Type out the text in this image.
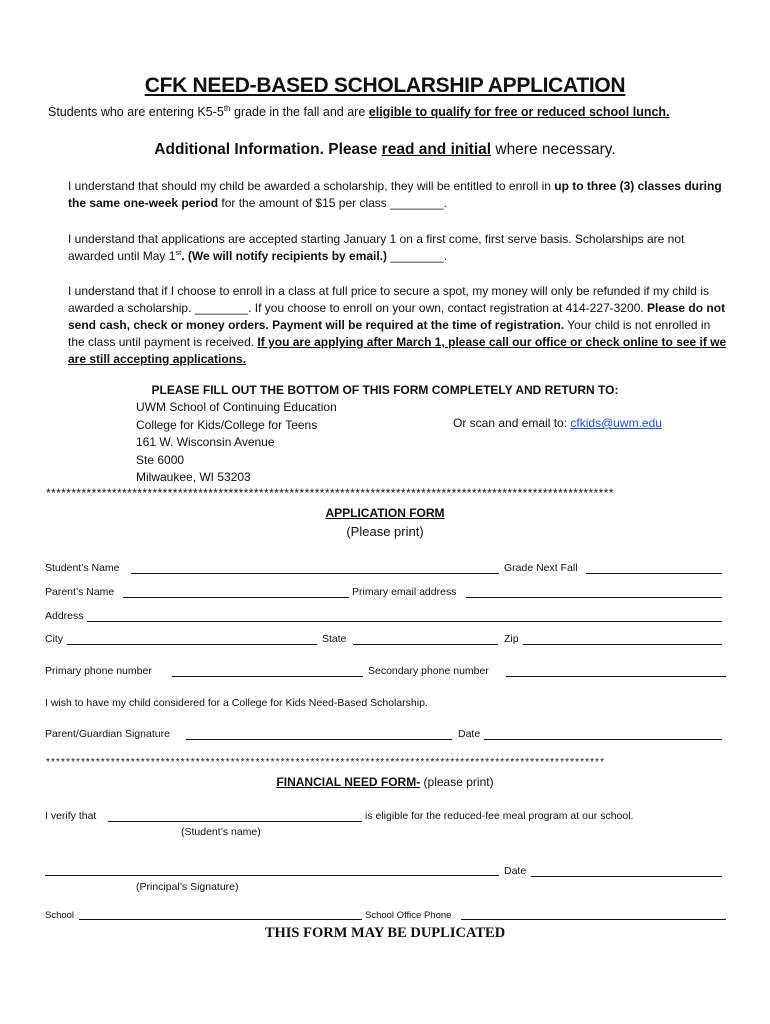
CFK NEED-BASED SCHOLARSHIP APPLICATION
Students who are entering K5-5th grade in the fall and are eligible to qualify for free or reduced school lunch.
Additional Information. Please read and initial where necessary.
I understand that should my child be awarded a scholarship, they will be entitled to enroll in up to three (3) classes during the same one-week period for the amount of $15 per class ________.
I understand that applications are accepted starting January 1 on a first come, first serve basis. Scholarships are not awarded until May 1st. (We will notify recipients by email.) ________.
I understand that if I choose to enroll in a class at full price to secure a spot, my money will only be refunded if my child is awarded a scholarship. ________. If you choose to enroll on your own, contact registration at 414-227-3200. Please do not send cash, check or money orders. Payment will be required at the time of registration. Your child is not enrolled in the class until payment is received. If you are applying after March 1, please call our office or check online to see if we are still accepting applications.
PLEASE FILL OUT THE BOTTOM OF THIS FORM COMPLETELY AND RETURN TO:
UWM School of Continuing Education
College for Kids/College for Teens
161 W. Wisconsin Avenue
Ste 6000
Milwaukee, WI 53203
Or scan and email to: cfkids@uwm.edu
****************************************************************************************************************
APPLICATION FORM
(Please print)
Student’s Name	Grade Next Fall
Parent’s Name	Primary email address
Address
City	State	Zip
Primary phone number	Secondary phone number
I wish to have my child considered for a College for Kids Need-Based Scholarship.
Parent/Guardian Signature	Date
****************************************************************************************************************
FINANCIAL NEED FORM- (please print)
I verify that	is eligible for the reduced-fee meal program at our school.
(Student’s name)
Date
(Principal’s Signature)
School	School Office Phone
THIS FORM MAY BE DUPLICATED
